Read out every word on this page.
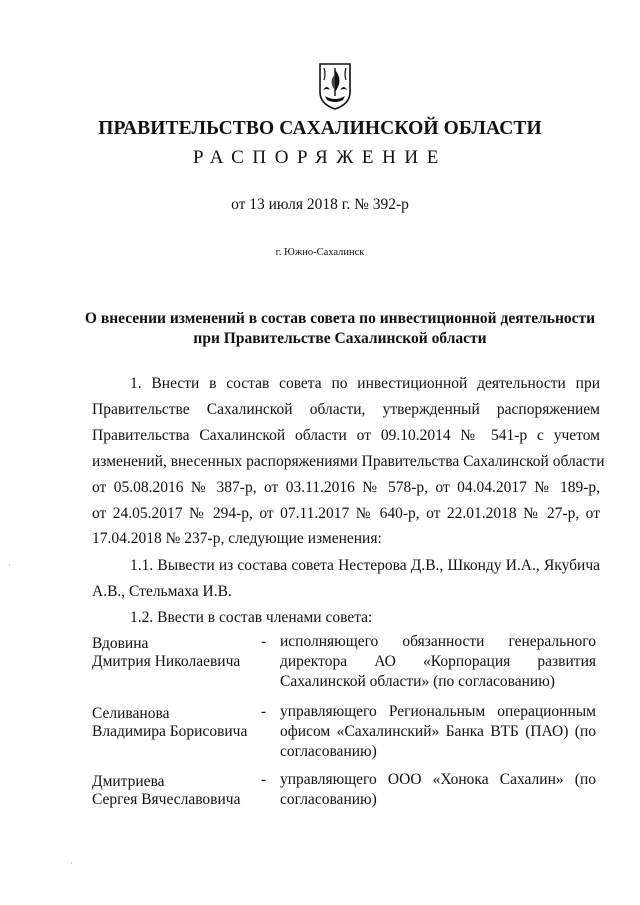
ПРАВИТЕЛЬСТВО САХАЛИНСКОЙ ОБЛАСТИ
РАСПОРЯЖЕНИЕ
от 13 июля 2018 г. № 392-р
г. Южно-Сахалинск
О внесении изменений в состав совета по инвестиционной деятельности
при Правительстве Сахалинской области
1. Внести в состав совета по инвестиционной деятельности при
Правительстве Сахалинской области, утвержденный распоряжением
Правительства Сахалинской области от 09.10.2014 № 541-р с учетом
изменений, внесенных распоряжениями Правительства Сахалинской области
от 05.08.2016 № 387-р, от 03.11.2016 № 578-р, от 04.04.2017 № 189-р,
от 24.05.2017 № 294-р, от 07.11.2017 № 640-р, от 22.01.2018 № 27-р, от
17.04.2018 № 237-р, следующие изменения:
1.1. Вывести из состава совета Нестерова Д.В., Шконду И.А., Якубича
А.В., Стельмаха И.В.
1.2. Ввести в состав членами совета:
Вдовина
Дмитрия Николаевича
- исполняющего обязанности генерального
директора АО «Корпорация развития
Сахалинской области» (по согласованию)
Селиванова
Владимира Борисовича
- управляющего Региональным операционным
офисом «Сахалинский» Банка ВТБ (ПАО) (по
согласованию)
Дмитриева
Сергея Вячеславовича
- управляющего ООО «Хонока Сахалин» (по
согласованию)
·
·
